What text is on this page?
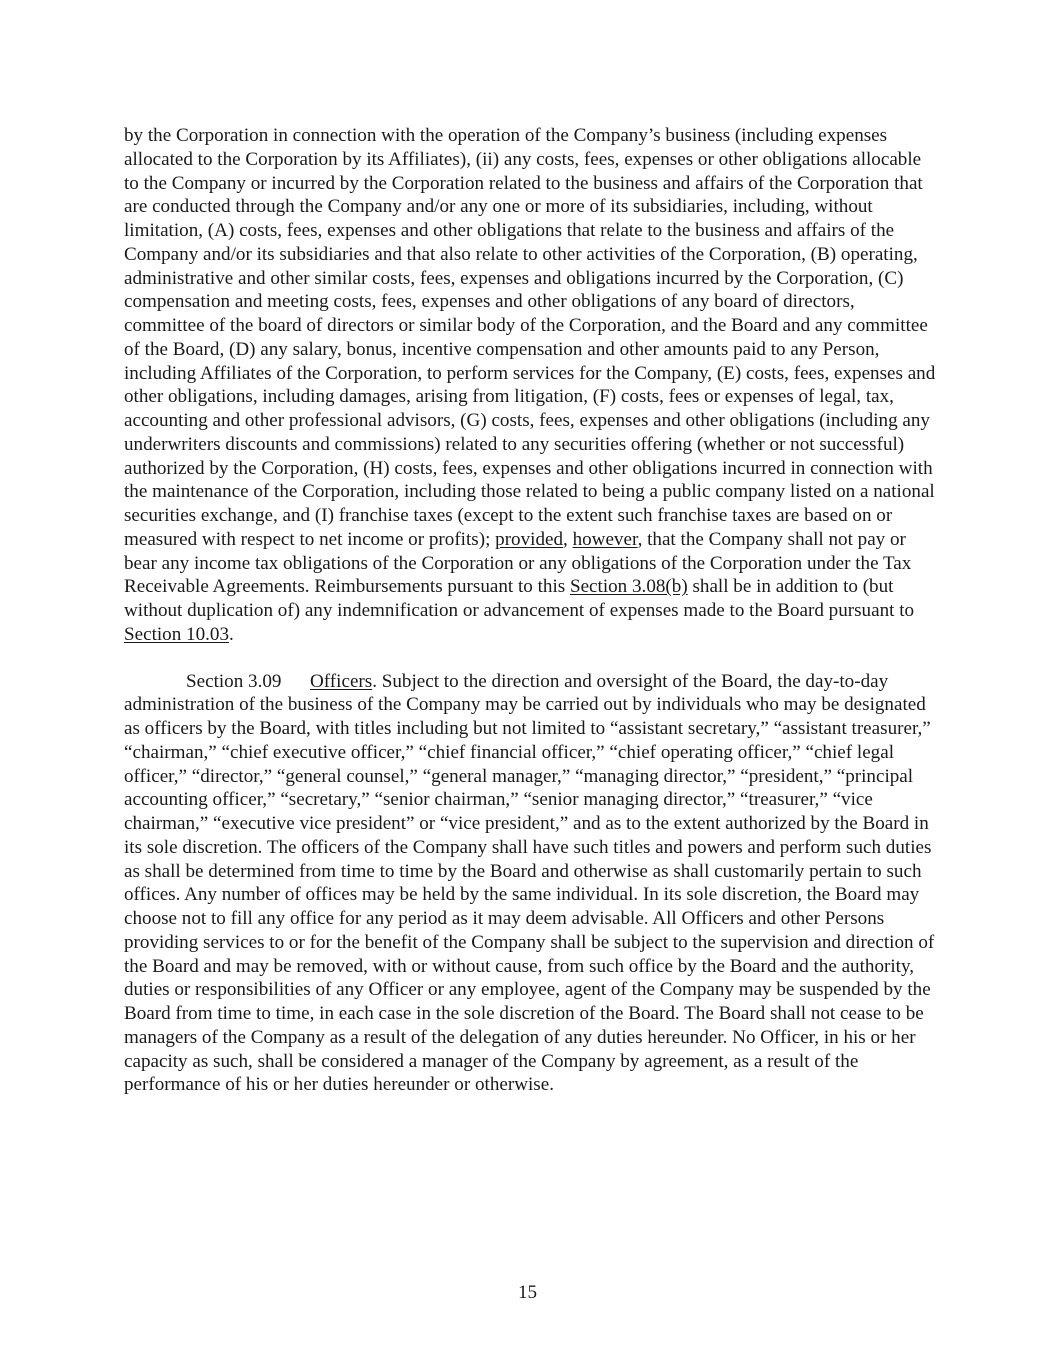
by the Corporation in connection with the operation of the Company’s business (including expenses allocated to the Corporation by its Affiliates), (ii) any costs, fees, expenses or other obligations allocable to the Company or incurred by the Corporation related to the business and affairs of the Corporation that are conducted through the Company and/or any one or more of its subsidiaries, including, without limitation, (A) costs, fees, expenses and other obligations that relate to the business and affairs of the Company and/or its subsidiaries and that also relate to other activities of the Corporation, (B) operating, administrative and other similar costs, fees, expenses and obligations incurred by the Corporation, (C) compensation and meeting costs, fees, expenses and other obligations of any board of directors, committee of the board of directors or similar body of the Corporation, and the Board and any committee of the Board, (D) any salary, bonus, incentive compensation and other amounts paid to any Person, including Affiliates of the Corporation, to perform services for the Company, (E) costs, fees, expenses and other obligations, including damages, arising from litigation, (F) costs, fees or expenses of legal, tax, accounting and other professional advisors, (G) costs, fees, expenses and other obligations (including any underwriters discounts and commissions) related to any securities offering (whether or not successful) authorized by the Corporation, (H) costs, fees, expenses and other obligations incurred in connection with the maintenance of the Corporation, including those related to being a public company listed on a national securities exchange, and (I) franchise taxes (except to the extent such franchise taxes are based on or measured with respect to net income or profits); provided, however, that the Company shall not pay or bear any income tax obligations of the Corporation or any obligations of the Corporation under the Tax Receivable Agreements. Reimbursements pursuant to this Section 3.08(b) shall be in addition to (but without duplication of) any indemnification or advancement of expenses made to the Board pursuant to Section 10.03.

Section 3.09 Officers. Subject to the direction and oversight of the Board, the day-to-day administration of the business of the Company may be carried out by individuals who may be designated as officers by the Board, with titles including but not limited to “assistant secretary,” “assistant treasurer,” “chairman,” “chief executive officer,” “chief financial officer,” “chief operating officer,” “chief legal officer,” “director,” “general counsel,” “general manager,” “managing director,” “president,” “principal accounting officer,” “secretary,” “senior chairman,” “senior managing director,” “treasurer,” “vice chairman,” “executive vice president” or “vice president,” and as to the extent authorized by the Board in its sole discretion. The officers of the Company shall have such titles and powers and perform such duties as shall be determined from time to time by the Board and otherwise as shall customarily pertain to such offices. Any number of offices may be held by the same individual. In its sole discretion, the Board may choose not to fill any office for any period as it may deem advisable. All Officers and other Persons providing services to or for the benefit of the Company shall be subject to the supervision and direction of the Board and may be removed, with or without cause, from such office by the Board and the authority, duties or responsibilities of any Officer or any employee, agent of the Company may be suspended by the Board from time to time, in each case in the sole discretion of the Board. The Board shall not cease to be managers of the Company as a result of the delegation of any duties hereunder. No Officer, in his or her capacity as such, shall be considered a manager of the Company by agreement, as a result of the performance of his or her duties hereunder or otherwise.

15
